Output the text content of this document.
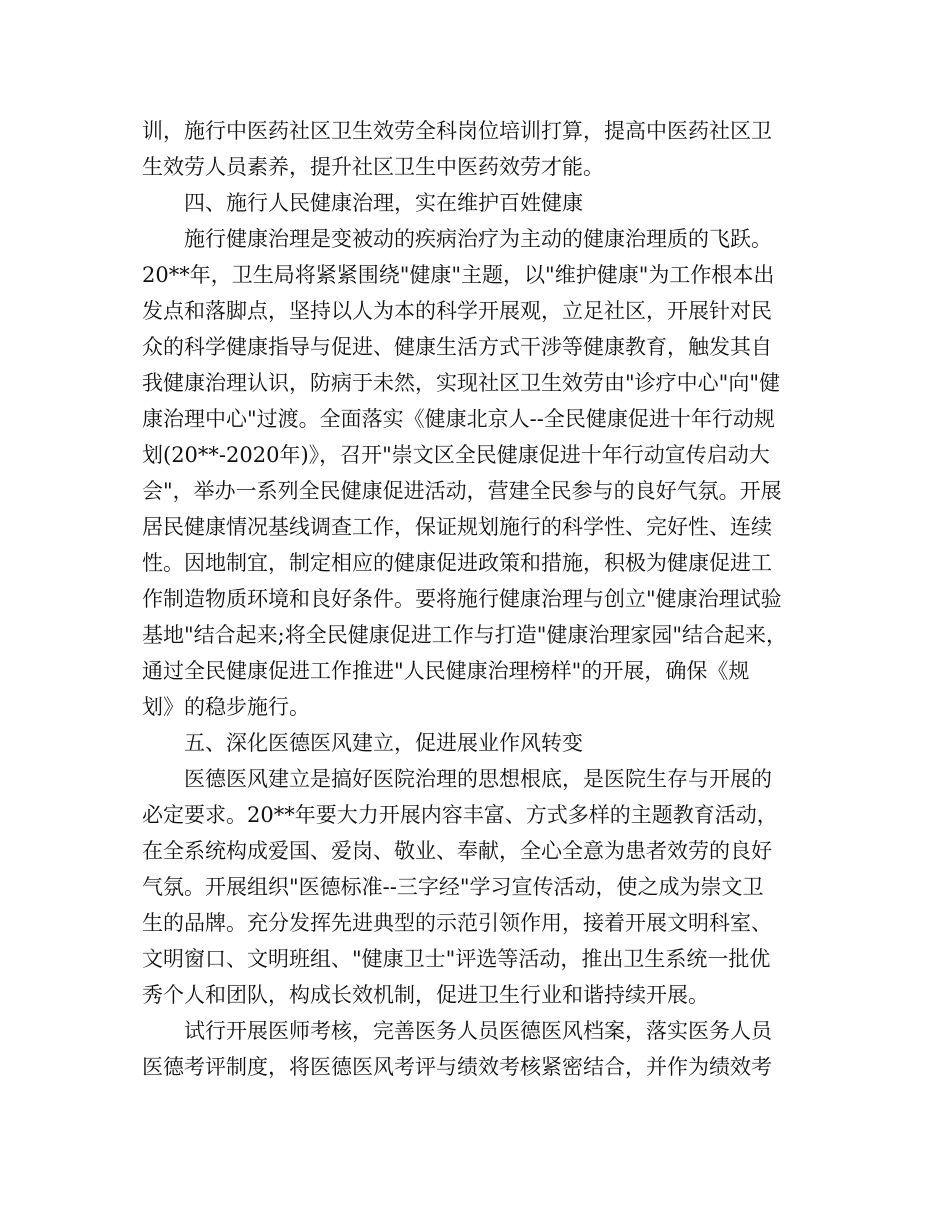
训，施行中医药社区卫生效劳全科岗位培训打算，提高中医药社区卫
生效劳人员素养，提升社区卫生中医药效劳才能。
四、施行人民健康治理，实在维护百姓健康
施行健康治理是变被动的疾病治疗为主动的健康治理质的飞跃。
20**年，卫生局将紧紧围绕"健康"主题，以"维护健康"为工作根本出
发点和落脚点，坚持以人为本的科学开展观，立足社区，开展针对民
众的科学健康指导与促进、健康生活方式干涉等健康教育，触发其自
我健康治理认识，防病于未然，实现社区卫生效劳由"诊疗中心"向"健
康治理中心"过渡。全面落实《健康北京人--全民健康促进十年行动规
划(20**-2020年)》，召开"崇文区全民健康促进十年行动宣传启动大
会"，举办一系列全民健康促进活动，营建全民参与的良好气氛。开展
居民健康情况基线调查工作，保证规划施行的科学性、完好性、连续
性。因地制宜，制定相应的健康促进政策和措施，积极为健康促进工
作制造物质环境和良好条件。要将施行健康治理与创立"健康治理试验
基地"结合起来;将全民健康促进工作与打造"健康治理家园"结合起来，
通过全民健康促进工作推进"人民健康治理榜样"的开展，确保《规
划》的稳步施行。
五、深化医德医风建立，促进展业作风转变
医德医风建立是搞好医院治理的思想根底，是医院生存与开展的
必定要求。20**年要大力开展内容丰富、方式多样的主题教育活动，
在全系统构成爱国、爱岗、敬业、奉献，全心全意为患者效劳的良好
气氛。开展组织"医德标准--三字经"学习宣传活动，使之成为崇文卫
生的品牌。充分发挥先进典型的示范引领作用，接着开展文明科室、
文明窗口、文明班组、"健康卫士"评选等活动，推出卫生系统一批优
秀个人和团队，构成长效机制，促进卫生行业和谐持续开展。
试行开展医师考核，完善医务人员医德医风档案，落实医务人员
医德考评制度，将医德医风考评与绩效考核紧密结合，并作为绩效考
